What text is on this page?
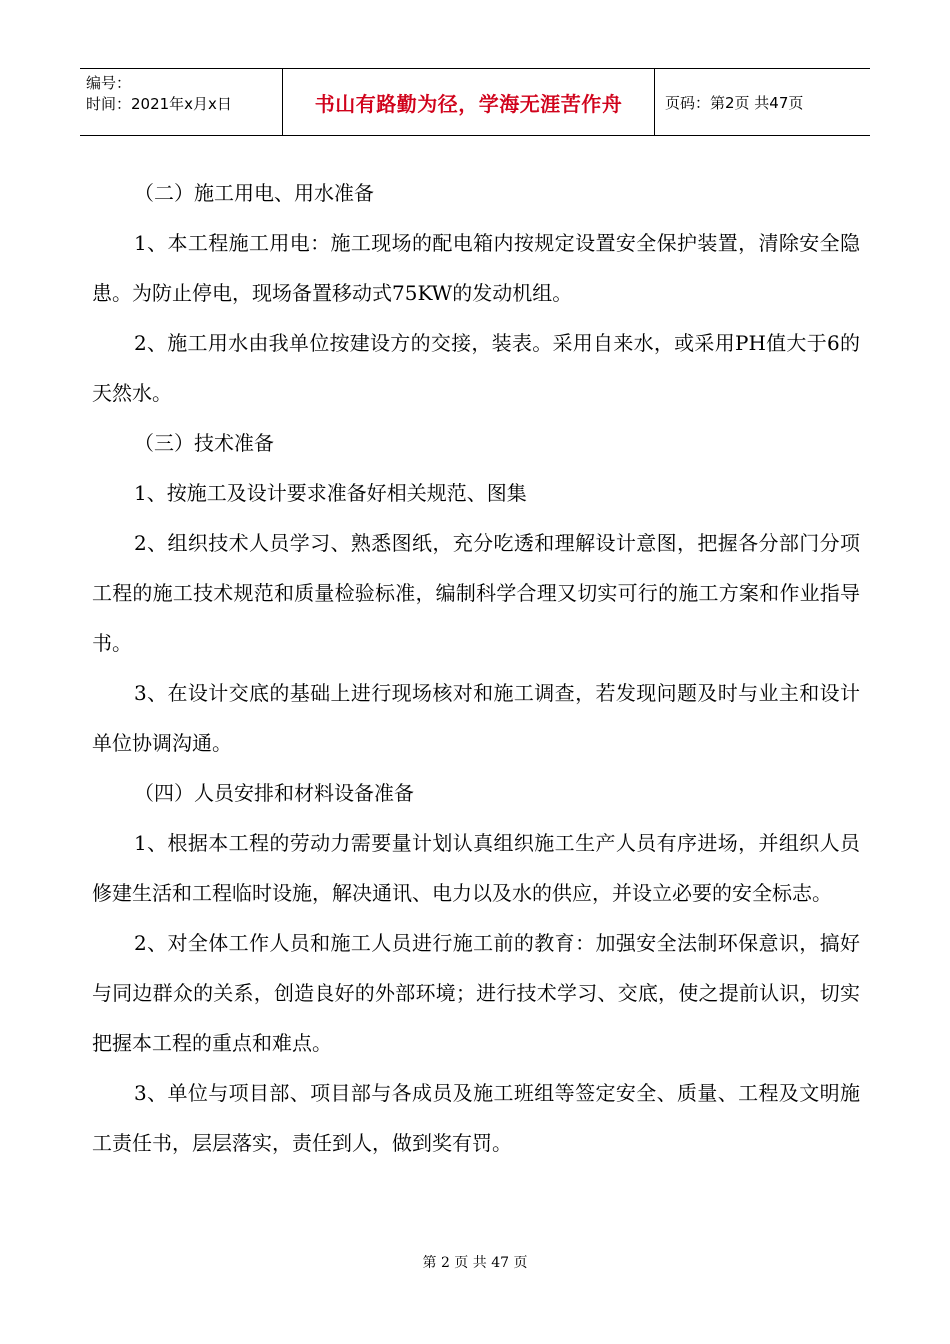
编号：
时间：2021年x月x日	书山有路勤为径，学海无涯苦作舟	页码：第2页 共47页

（二）施工用电、用水准备

1、本工程施工用电：施工现场的配电箱内按规定设置安全保护装置，清除安全隐患。为防止停电，现场备置移动式75KW的发动机组。

2、施工用水由我单位按建设方的交接，装表。采用自来水，或采用PH值大于6的天然水。

（三）技术准备

1、按施工及设计要求准备好相关规范、图集

2、组织技术人员学习、熟悉图纸，充分吃透和理解设计意图，把握各分部门分项工程的施工技术规范和质量检验标准，编制科学合理又切实可行的施工方案和作业指导书。

3、在设计交底的基础上进行现场核对和施工调查，若发现问题及时与业主和设计单位协调沟通。

（四）人员安排和材料设备准备

1、根据本工程的劳动力需要量计划认真组织施工生产人员有序进场，并组织人员修建生活和工程临时设施，解决通讯、电力以及水的供应，并设立必要的安全标志。

2、对全体工作人员和施工人员进行施工前的教育：加强安全法制环保意识，搞好与同边群众的关系，创造良好的外部环境；进行技术学习、交底，使之提前认识，切实把握本工程的重点和难点。

3、单位与项目部、项目部与各成员及施工班组等签定安全、质量、工程及文明施工责任书，层层落实，责任到人，做到奖有罚。

第 2 页 共 47 页
